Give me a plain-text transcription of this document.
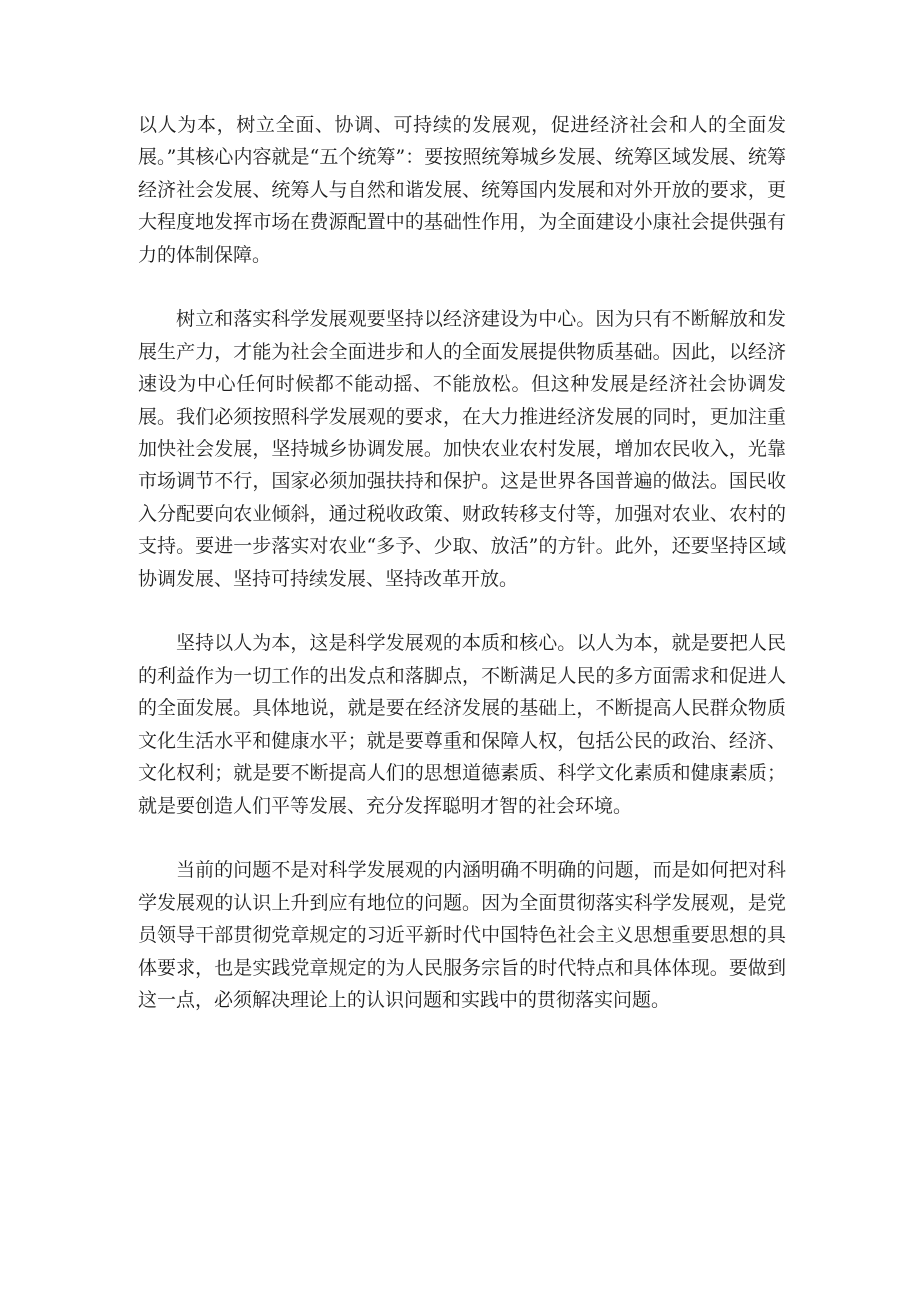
以人为本，树立全面、协调、可持续的发展观，促进经济社会和人的全面发展。”其核心内容就是“五个统筹”：要按照统筹城乡发展、统筹区域发展、统筹经济社会发展、统筹人与自然和谐发展、统筹国内发展和对外开放的要求，更大程度地发挥市场在费源配置中的基础性作用，为全面建设小康社会提供强有力的体制保障。

树立和落实科学发展观要坚持以经济建设为中心。因为只有不断解放和发展生产力，才能为社会全面进步和人的全面发展提供物质基础。因此，以经济速设为中心任何时候都不能动摇、不能放松。但这种发展是经济社会协调发展。我们必须按照科学发展观的要求，在大力推进经济发展的同时，更加注重加快社会发展，坚持城乡协调发展。加快农业农村发展，增加农民收入，光靠市场调节不行，国家必须加强扶持和保护。这是世界各国普遍的做法。国民收入分配要向农业倾斜，通过税收政策、财政转移支付等，加强对农业、农村的支持。要进一步落实对农业“多予、少取、放活”的方针。此外，还要坚持区域协调发展、坚持可持续发展、坚持改革开放。

坚持以人为本，这是科学发展观的本质和核心。以人为本，就是要把人民的利益作为一切工作的出发点和落脚点，不断满足人民的多方面需求和促进人的全面发展。具体地说，就是要在经济发展的基础上，不断提高人民群众物质文化生活水平和健康水平；就是要尊重和保障人权，包括公民的政治、经济、文化权利；就是要不断提高人们的思想道德素质、科学文化素质和健康素质；就是要创造人们平等发展、充分发挥聪明才智的社会环境。

当前的问题不是对科学发展观的内涵明确不明确的问题，而是如何把对科学发展观的认识上升到应有地位的问题。因为全面贯彻落实科学发展观，是党员领导干部贯彻党章规定的习近平新时代中国特色社会主义思想重要思想的具体要求，也是实践党章规定的为人民服务宗旨的时代特点和具体体现。要做到这一点，必须解决理论上的认识问题和实践中的贯彻落实问题。
